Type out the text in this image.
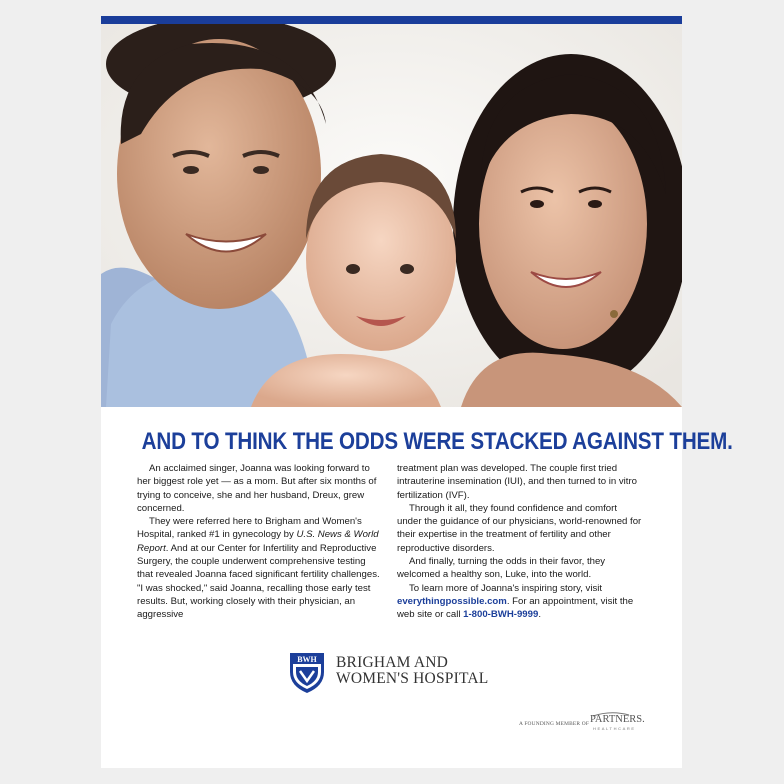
AND TO THINK THE ODDS WERE STACKED AGAINST THEM.

An acclaimed singer, Joanna was looking forward to her biggest role yet — as a mom. But after six months of trying to conceive, she and her husband, Dreux, grew concerned.

They were referred here to Brigham and Women's Hospital, ranked #1 in gynecology by U.S. News & World Report. And at our Center for Infertility and Reproductive Surgery, the couple underwent comprehensive testing that revealed Joanna faced significant fertility challenges. "I was shocked," said Joanna, recalling those early test results. But, working closely with their physician, an aggressive

treatment plan was developed. The couple first tried intrauterine insemination (IUI), and then turned to in vitro fertilization (IVF).

Through it all, they found confidence and comfort under the guidance of our physicians, world-renowned for their expertise in the treatment of fertility and other reproductive disorders.

And finally, turning the odds in their favor, they welcomed a healthy son, Luke, into the world.

To learn more of Joanna's inspiring story, visit everythingpossible.com. For an appointment, visit the web site or call 1-800-BWH-9999.

BWH BRIGHAM AND
WOMEN'S HOSPITAL
A FOUNDING MEMBER OF PARTNERS.
HEALTHCARE
